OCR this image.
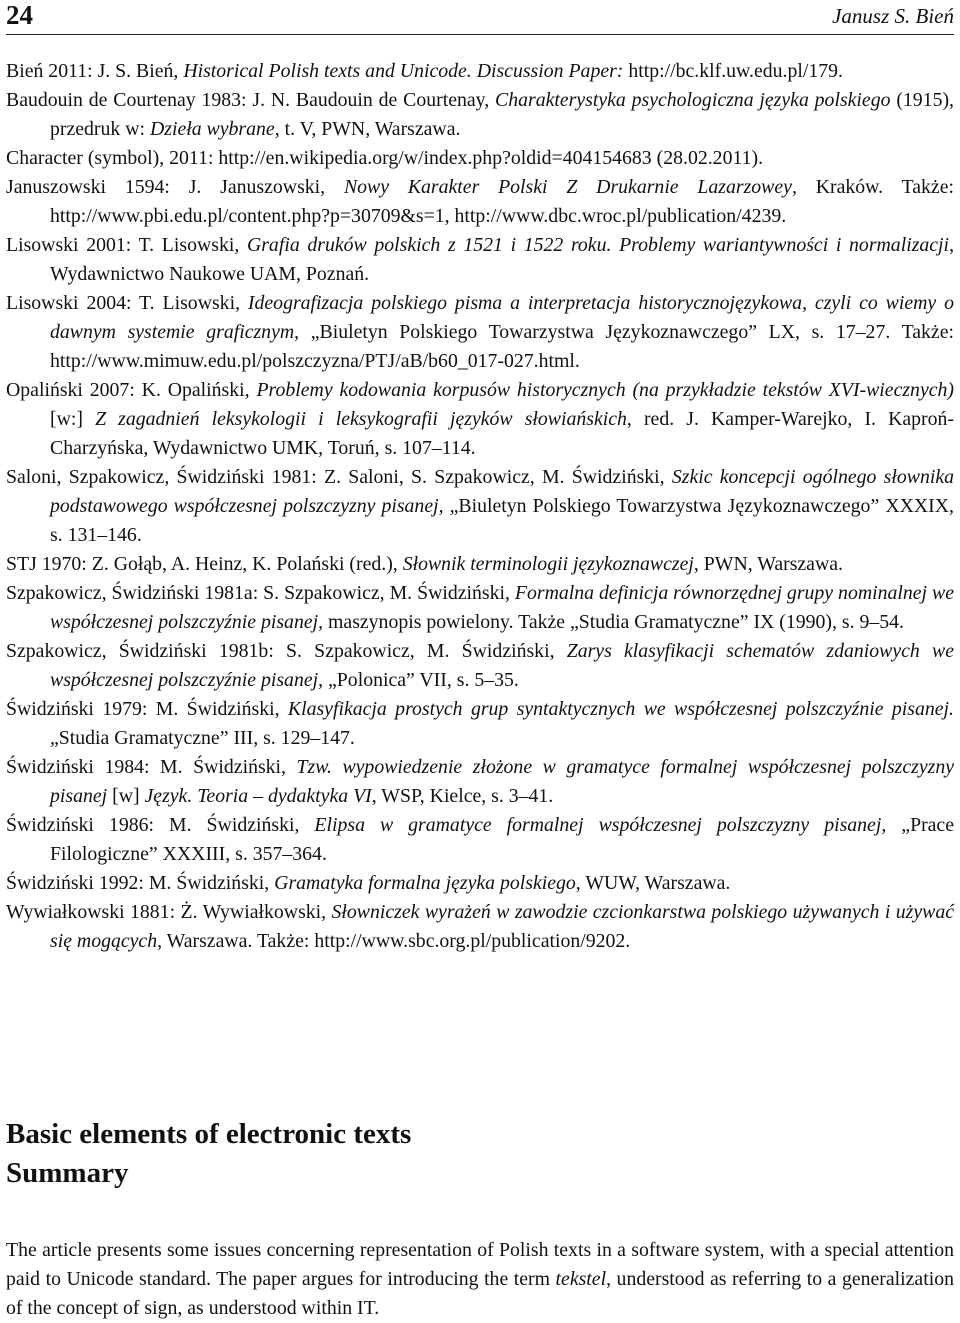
24	Janusz S. Bień
Bień 2011: J. S. Bień, Historical Polish texts and Unicode. Discussion Paper: http://bc.klf.uw.edu.pl/179.
Baudouin de Courtenay 1983: J. N. Baudouin de Courtenay, Charakterystyka psychologiczna języka polskiego (1915), przedruk w: Dzieła wybrane, t. V, PWN, Warszawa.
Character (symbol), 2011: http://en.wikipedia.org/w/index.php?oldid=404154683 (28.02.2011).
Januszowski 1594: J. Januszowski, Nowy Karakter Polski Z Drukarnie Lazarzowey, Kraków. Także: http://www.pbi.edu.pl/content.php?p=30709&s=1, http://www.dbc.wroc.pl/publication/4239.
Lisowski 2001: T. Lisowski, Grafia druków polskich z 1521 i 1522 roku. Problemy wariantywności i normalizacji, Wydawnictwo Naukowe UAM, Poznań.
Lisowski 2004: T. Lisowski, Ideografizacja polskiego pisma a interpretacja historycznojęzykowa, czyli co wiemy o dawnym systemie graficznym, „Biuletyn Polskiego Towarzystwa Językoznawczego” LX, s. 17–27. Także: http://www.mimuw.edu.pl/polszczyzna/PTJ/aB/b60_017-027.html.
Opaliński 2007: K. Opaliński, Problemy kodowania korpusów historycznych (na przykładzie tekstów XVI-wiecznych) [w:] Z zagadnień leksykologii i leksykografii języków słowiańskich, red. J. Kamper-Warejko, I. Kaproń-Charzyńska, Wydawnictwo UMK, Toruń, s. 107–114.
Saloni, Szpakowicz, Świdziński 1981: Z. Saloni, S. Szpakowicz, M. Świdziński, Szkic koncepcji ogólnego słownika podstawowego współczesnej polszczyzny pisanej, „Biuletyn Polskiego Towarzystwa Językoznawczego” XXXIX, s. 131–146.
STJ 1970: Z. Gołąb, A. Heinz, K. Polański (red.), Słownik terminologii językoznawczej, PWN, Warszawa.
Szpakowicz, Świdziński 1981a: S. Szpakowicz, M. Świdziński, Formalna definicja równorzędnej grupy nominalnej we współczesnej polszczyźnie pisanej, maszynopis powielony. Także „Studia Gramatyczne” IX (1990), s. 9–54.
Szpakowicz, Świdziński 1981b: S. Szpakowicz, M. Świdziński, Zarys klasyfikacji schematów zdaniowych we współczesnej polszczyźnie pisanej, „Polonica” VII, s. 5–35.
Świdziński 1979: M. Świdziński, Klasyfikacja prostych grup syntaktycznych we współczesnej polszczyźnie pisanej. „Studia Gramatyczne” III, s. 129–147.
Świdziński 1984: M. Świdziński, Tzw. wypowiedzenie złożone w gramatyce formalnej współczesnej polszczyzny pisanej [w] Język. Teoria – dydaktyka VI, WSP, Kielce, s. 3–41.
Świdziński 1986: M. Świdziński, Elipsa w gramatyce formalnej współczesnej polszczyzny pisanej, „Prace Filologiczne” XXXIII, s. 357–364.
Świdziński 1992: M. Świdziński, Gramatyka formalna języka polskiego, WUW, Warszawa.
Wywiałkowski 1881: Ż. Wywiałkowski, Słowniczek wyrażeń w zawodzie czcionkarstwa polskiego używanych i używać się mogących, Warszawa. Także: http://www.sbc.org.pl/publication/9202.
Basic elements of electronic texts
Summary

The article presents some issues concerning representation of Polish texts in a software system, with a special attention paid to Unicode standard. The paper argues for introducing the term tekstel, understood as referring to a generalization of the concept of sign, as understood within IT.
